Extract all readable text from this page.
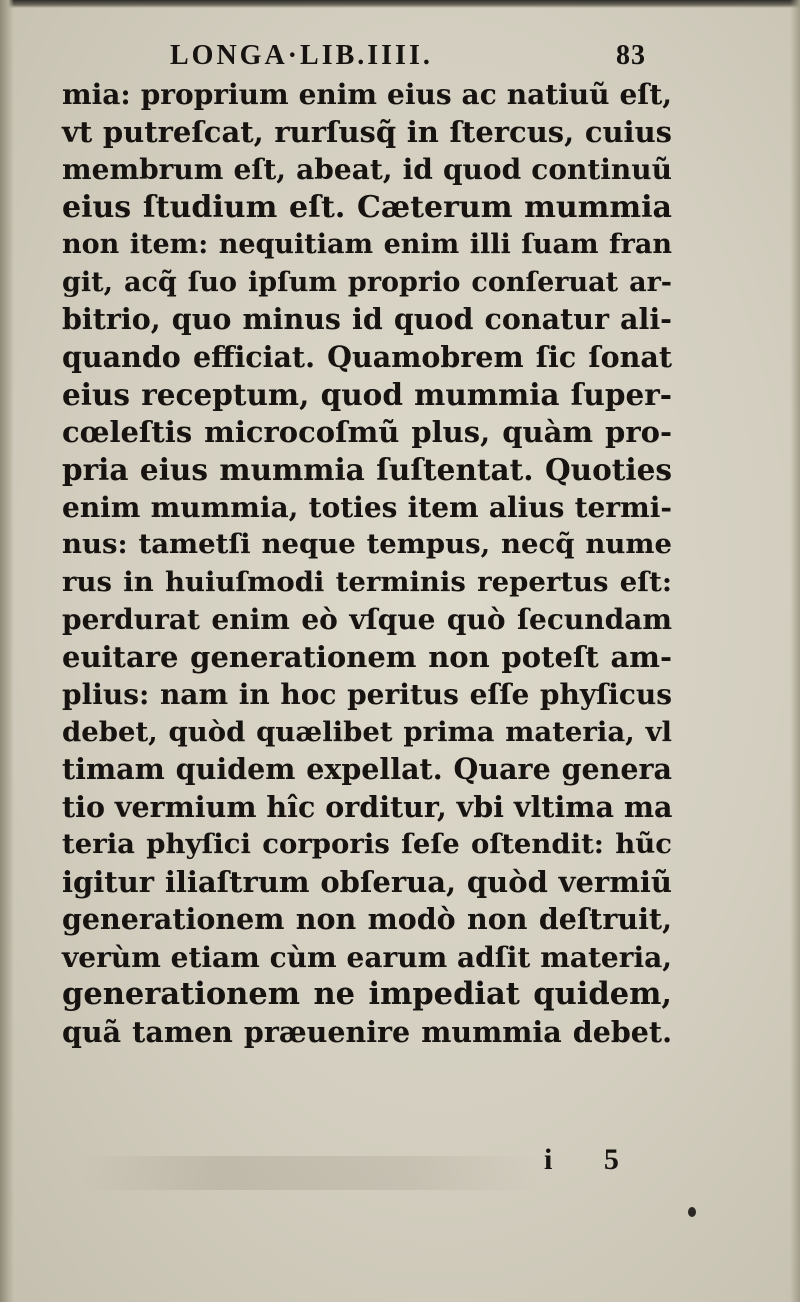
LONGA·LIB.IIII.	83
mia: proprium enim eius ac natiuũ eſt,
vt putreſcat, rurſusq̃ in ſtercus, cuius
membrum eſt, abeat, id quod continuũ
eius ſtudium eſt. Cæterum mummia
non item: nequitiam enim illi ſuam fran
git, acq̃ ſuo ipſum proprio conſeruat ar-
bitrio, quo minus id quod conatur ali-
quando efficiat. Quamobrem ſic ſonat
eius receptum, quod mummia ſuper-
cœleſtis microcoſmũ plus, quàm pro-
pria eius mummia ſuſtentat. Quoties
enim mummia, toties item alius termi-
nus: tametſi neque tempus, necq̃ nume
rus in huiuſmodi terminis repertus eſt:
perdurat enim eò vſque quò ſecundam
euitare generationem non poteſt am-
plius: nam in hoc peritus eſſe phyſicus
debet, quòd quælibet prima materia, vl
timam quidem expellat. Quare genera
tio vermium hîc orditur, vbi vltima ma
teria phyſici corporis ſeſe oſtendit: hũc
igitur iliaſtrum obſerua, quòd vermiũ
generationem non modò non deſtruit,
verùm etiam cùm earum adſit materia,
generationem ne impediat quidem,
quã tamen præuenire mummia debet.
i 5
